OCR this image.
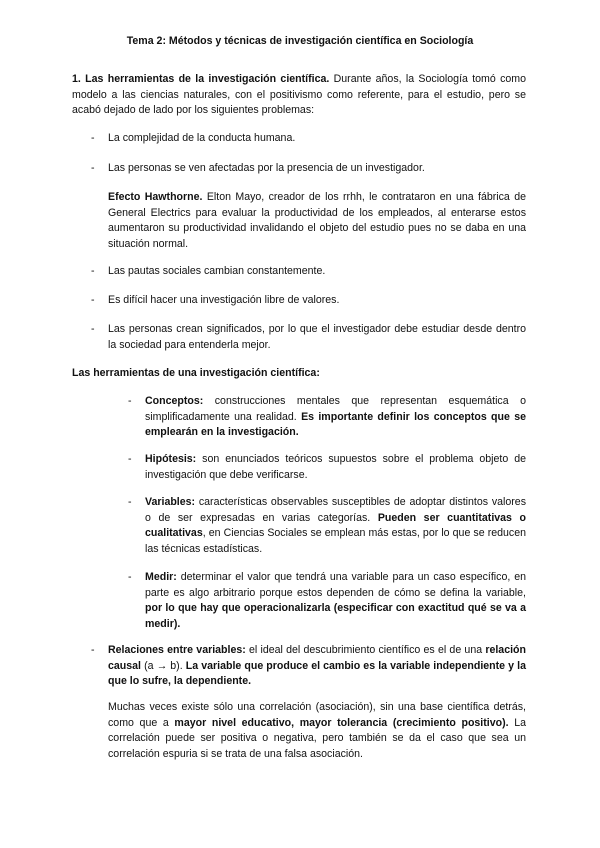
Tema 2: Métodos y técnicas de investigación científica en Sociología

1. Las herramientas de la investigación científica. Durante años, la Sociología tomó como modelo a las ciencias naturales, con el positivismo como referente, para el estudio, pero se acabó dejado de lado por los siguientes problemas:

- La complejidad de la conducta humana.

- Las personas se ven afectadas por la presencia de un investigador.

Efecto Hawthorne. Elton Mayo, creador de los rrhh, le contrataron en una fábrica de General Electrics para evaluar la productividad de los empleados, al enterarse estos aumentaron su productividad invalidando el objeto del estudio pues no se daba en una situación normal.

- Las pautas sociales cambian constantemente.

- Es difícil hacer una investigación libre de valores.

- Las personas crean significados, por lo que el investigador debe estudiar desde dentro la sociedad para entenderla mejor.

Las herramientas de una investigación científica:

- Conceptos: construcciones mentales que representan esquemática o simplificadamente una realidad. Es importante definir los conceptos que se emplearán en la investigación.

- Hipótesis: son enunciados teóricos supuestos sobre el problema objeto de investigación que debe verificarse.

- Variables: características observables susceptibles de adoptar distintos valores o de ser expresadas en varias categorías. Pueden ser cuantitativas o cualitativas, en Ciencias Sociales se emplean más estas, por lo que se reducen las técnicas estadísticas.

- Medir: determinar el valor que tendrá una variable para un caso específico, en parte es algo arbitrario porque estos dependen de cómo se defina la variable, por lo que hay que operacionalizarla (especificar con exactitud qué se va a medir).

- Relaciones entre variables: el ideal del descubrimiento científico es el de una relación causal (a → b). La variable que produce el cambio es la variable independiente y la que lo sufre, la dependiente.

Muchas veces existe sólo una correlación (asociación), sin una base científica detrás, como que a mayor nivel educativo, mayor tolerancia (crecimiento positivo). La correlación puede ser positiva o negativa, pero también se da el caso que sea un correlación espuria si se trata de una falsa asociación.
